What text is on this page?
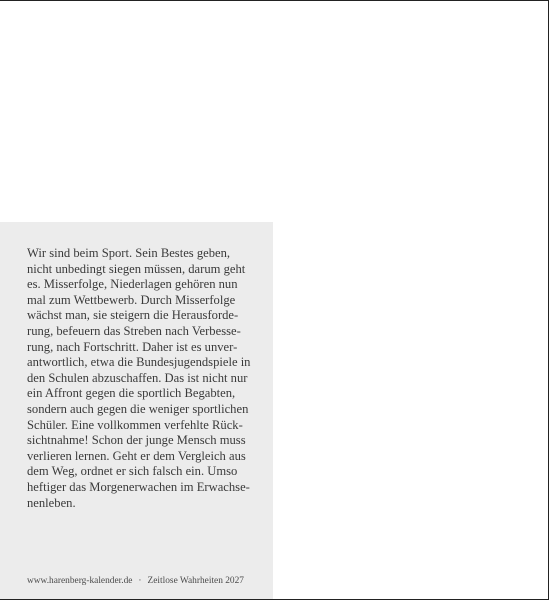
Wir sind beim Sport. Sein Bestes geben,
nicht unbedingt siegen müssen, darum geht
es. Misserfolge, Niederlagen gehören nun
mal zum Wettbewerb. Durch Misserfolge
wächst man, sie steigern die Herausforde-
rung, befeuern das Streben nach Verbesse-
rung, nach Fortschritt. Daher ist es unver-
antwortlich, etwa die Bundesjugendspiele in
den Schulen abzuschaffen. Das ist nicht nur
ein Affront gegen die sportlich Begabten,
sondern auch gegen die weniger sportlichen
Schüler. Eine vollkommen verfehlte Rück-
sichtnahme! Schon der junge Mensch muss
verlieren lernen. Geht er dem Vergleich aus
dem Weg, ordnet er sich falsch ein. Umso
heftiger das Morgenerwachen im Erwachse-
nenleben.
www.harenberg-kalender.de · Zeitlose Wahrheiten 2027
